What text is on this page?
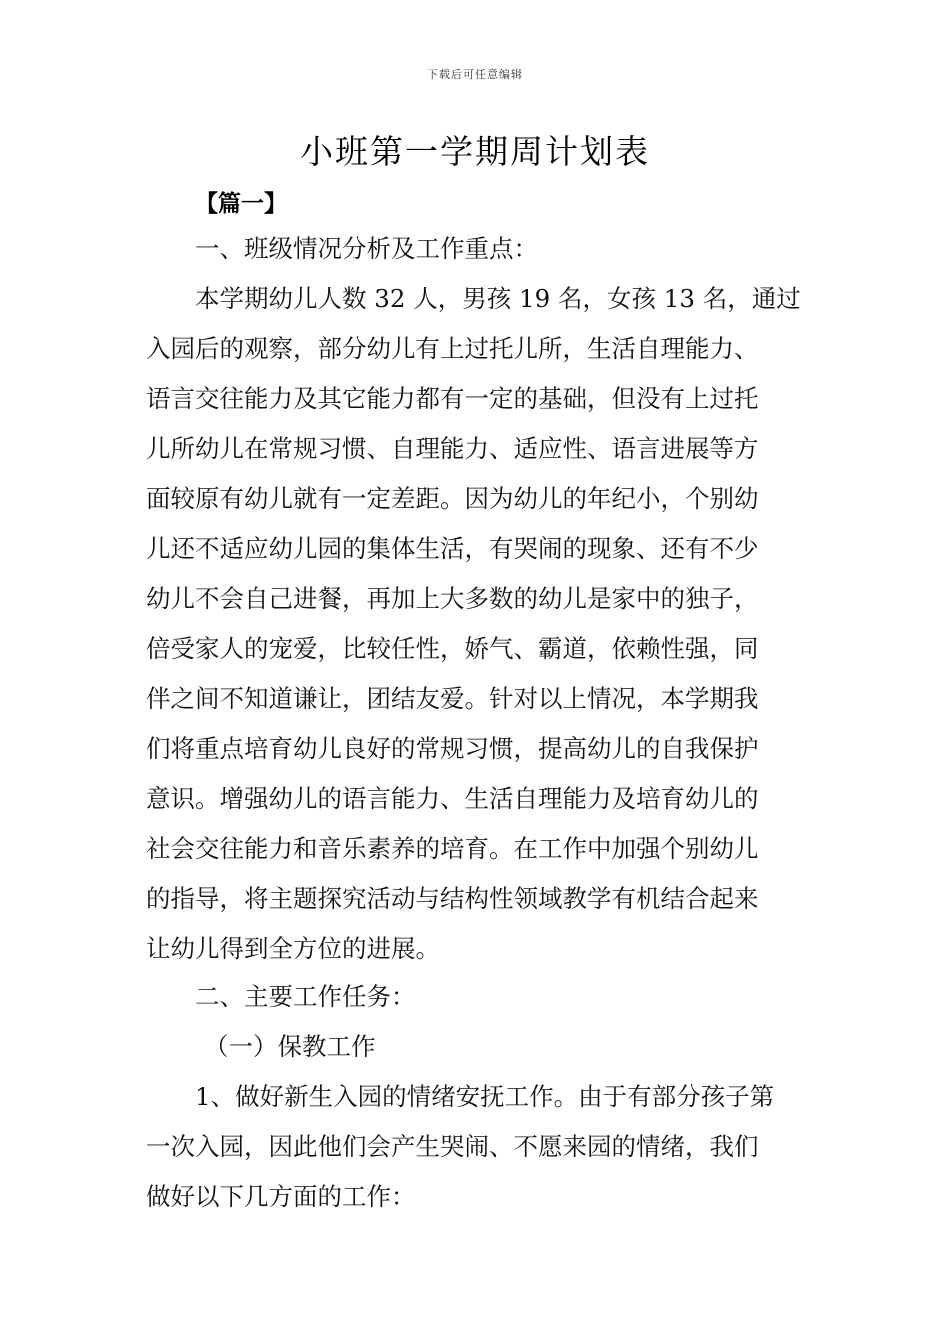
下载后可任意编辑
小班第一学期周计划表
【篇一】
一、班级情况分析及工作重点：
本学期幼儿人数 32 人，男孩 19 名，女孩 13 名，通过
入园后的观察，部分幼儿有上过托儿所，生活自理能力、
语言交往能力及其它能力都有一定的基础，但没有上过托
儿所幼儿在常规习惯、自理能力、适应性、语言进展等方
面较原有幼儿就有一定差距。因为幼儿的年纪小，个别幼
儿还不适应幼儿园的集体生活，有哭闹的现象、还有不少
幼儿不会自己进餐，再加上大多数的幼儿是家中的独子，
倍受家人的宠爱，比较任性，娇气、霸道，依赖性强，同
伴之间不知道谦让，团结友爱。针对以上情况，本学期我
们将重点培育幼儿良好的常规习惯，提高幼儿的自我保护
意识。增强幼儿的语言能力、生活自理能力及培育幼儿的
社会交往能力和音乐素养的培育。在工作中加强个别幼儿
的指导，将主题探究活动与结构性领域教学有机结合起来
让幼儿得到全方位的进展。
二、主要工作任务：
（一）保教工作
1、做好新生入园的情绪安抚工作。由于有部分孩子第
一次入园，因此他们会产生哭闹、不愿来园的情绪，我们
做好以下几方面的工作：
